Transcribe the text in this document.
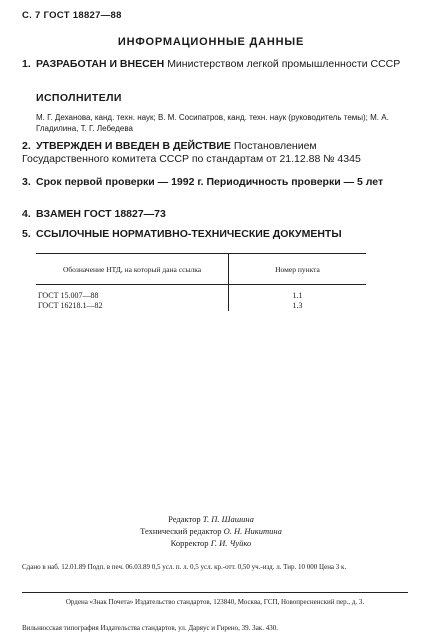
С. 7 ГОСТ 18827—88
ИНФОРМАЦИОННЫЕ ДАННЫЕ
1. РАЗРАБОТАН И ВНЕСЕН Министерством легкой промышленности СССР
ИСПОЛНИТЕЛИ
М. Г. Деханова, канд. техн. наук; В. М. Сосипатров, канд. техн. наук (руководитель темы); М. А. Гладилина, Т. Г. Лебедева
2. УТВЕРЖДЕН И ВВЕДЕН В ДЕЙСТВИЕ Постановлением Государственного комитета СССР по стандартам от 21.12.88 № 4345
3. Срок первой проверки — 1992 г. Периодичность проверки — 5 лет
4. ВЗАМЕН ГОСТ 18827—73
5. ССЫЛОЧНЫЕ НОРМАТИВНО-ТЕХНИЧЕСКИЕ ДОКУМЕНТЫ
Обозначение НТД, на который дана ссылка	Номер пункта

ГОСТ 15.007—88	1.1
ГОСТ 16218.1—82	1.3
Редактор Т. П. Шашина
Технический редактор О. Н. Никитина
Корректор Г. И. Чуйко
Сдано в наб. 12.01.89 Подп. в печ. 06.03.89 0,5 усл. п. л. 0,5 усл. кр.-отт. 0,50 уч.-изд. л. Тир. 10 000 Цена 3 к.
Ордена «Знак Почета» Издательство стандартов, 123840, Москва, ГСП, Новопресненский пер., д. 3.
Вильнюсская типография Издательства стандартов, ул. Даряус и Гирено, 39. Зак. 430.
